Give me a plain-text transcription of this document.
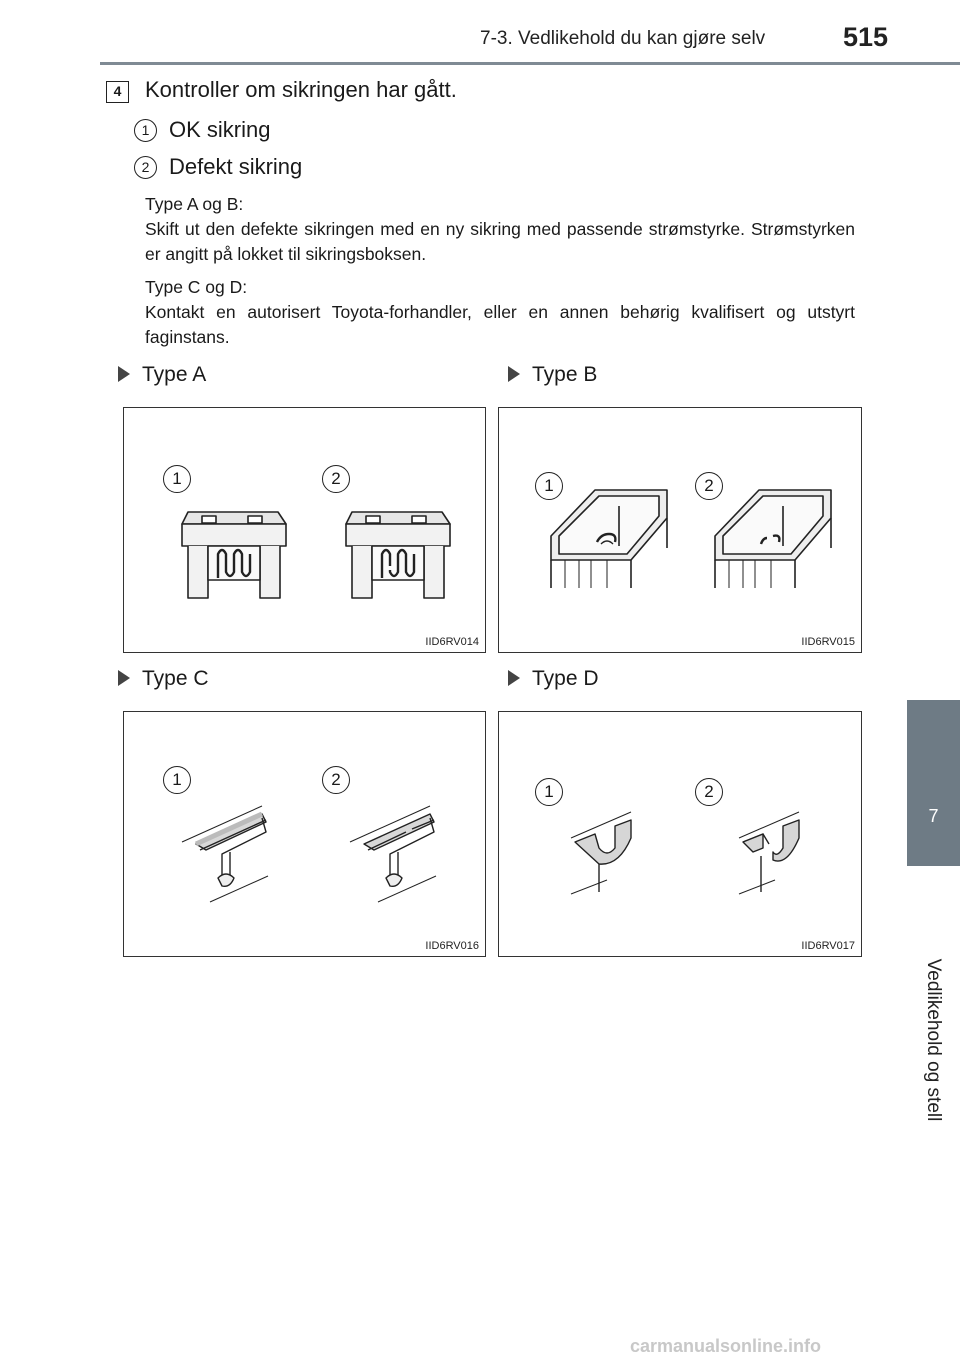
7-3. Vedlikehold du kan gjøre selv	515
7
Vedlikehold og stell
4	Kontroller om sikringen har gått.
1 OK sikring
2 Defekt sikring
Type A og B:
Skift ut den defekte sikringen med en ny sikring med passende strømstyrke. Strømstyrken er angitt på lokket til sikringsboksen.
Type C og D:
Kontakt en autorisert Toyota-forhandler, eller en annen behørig kvalifisert og utstyrt faginstans.
Type A	Type B
Type C	Type D
1	2
IID6RV014
1	2
IID6RV015
1	2
IID6RV016
1	2
IID6RV017
carmanualsonline.info
